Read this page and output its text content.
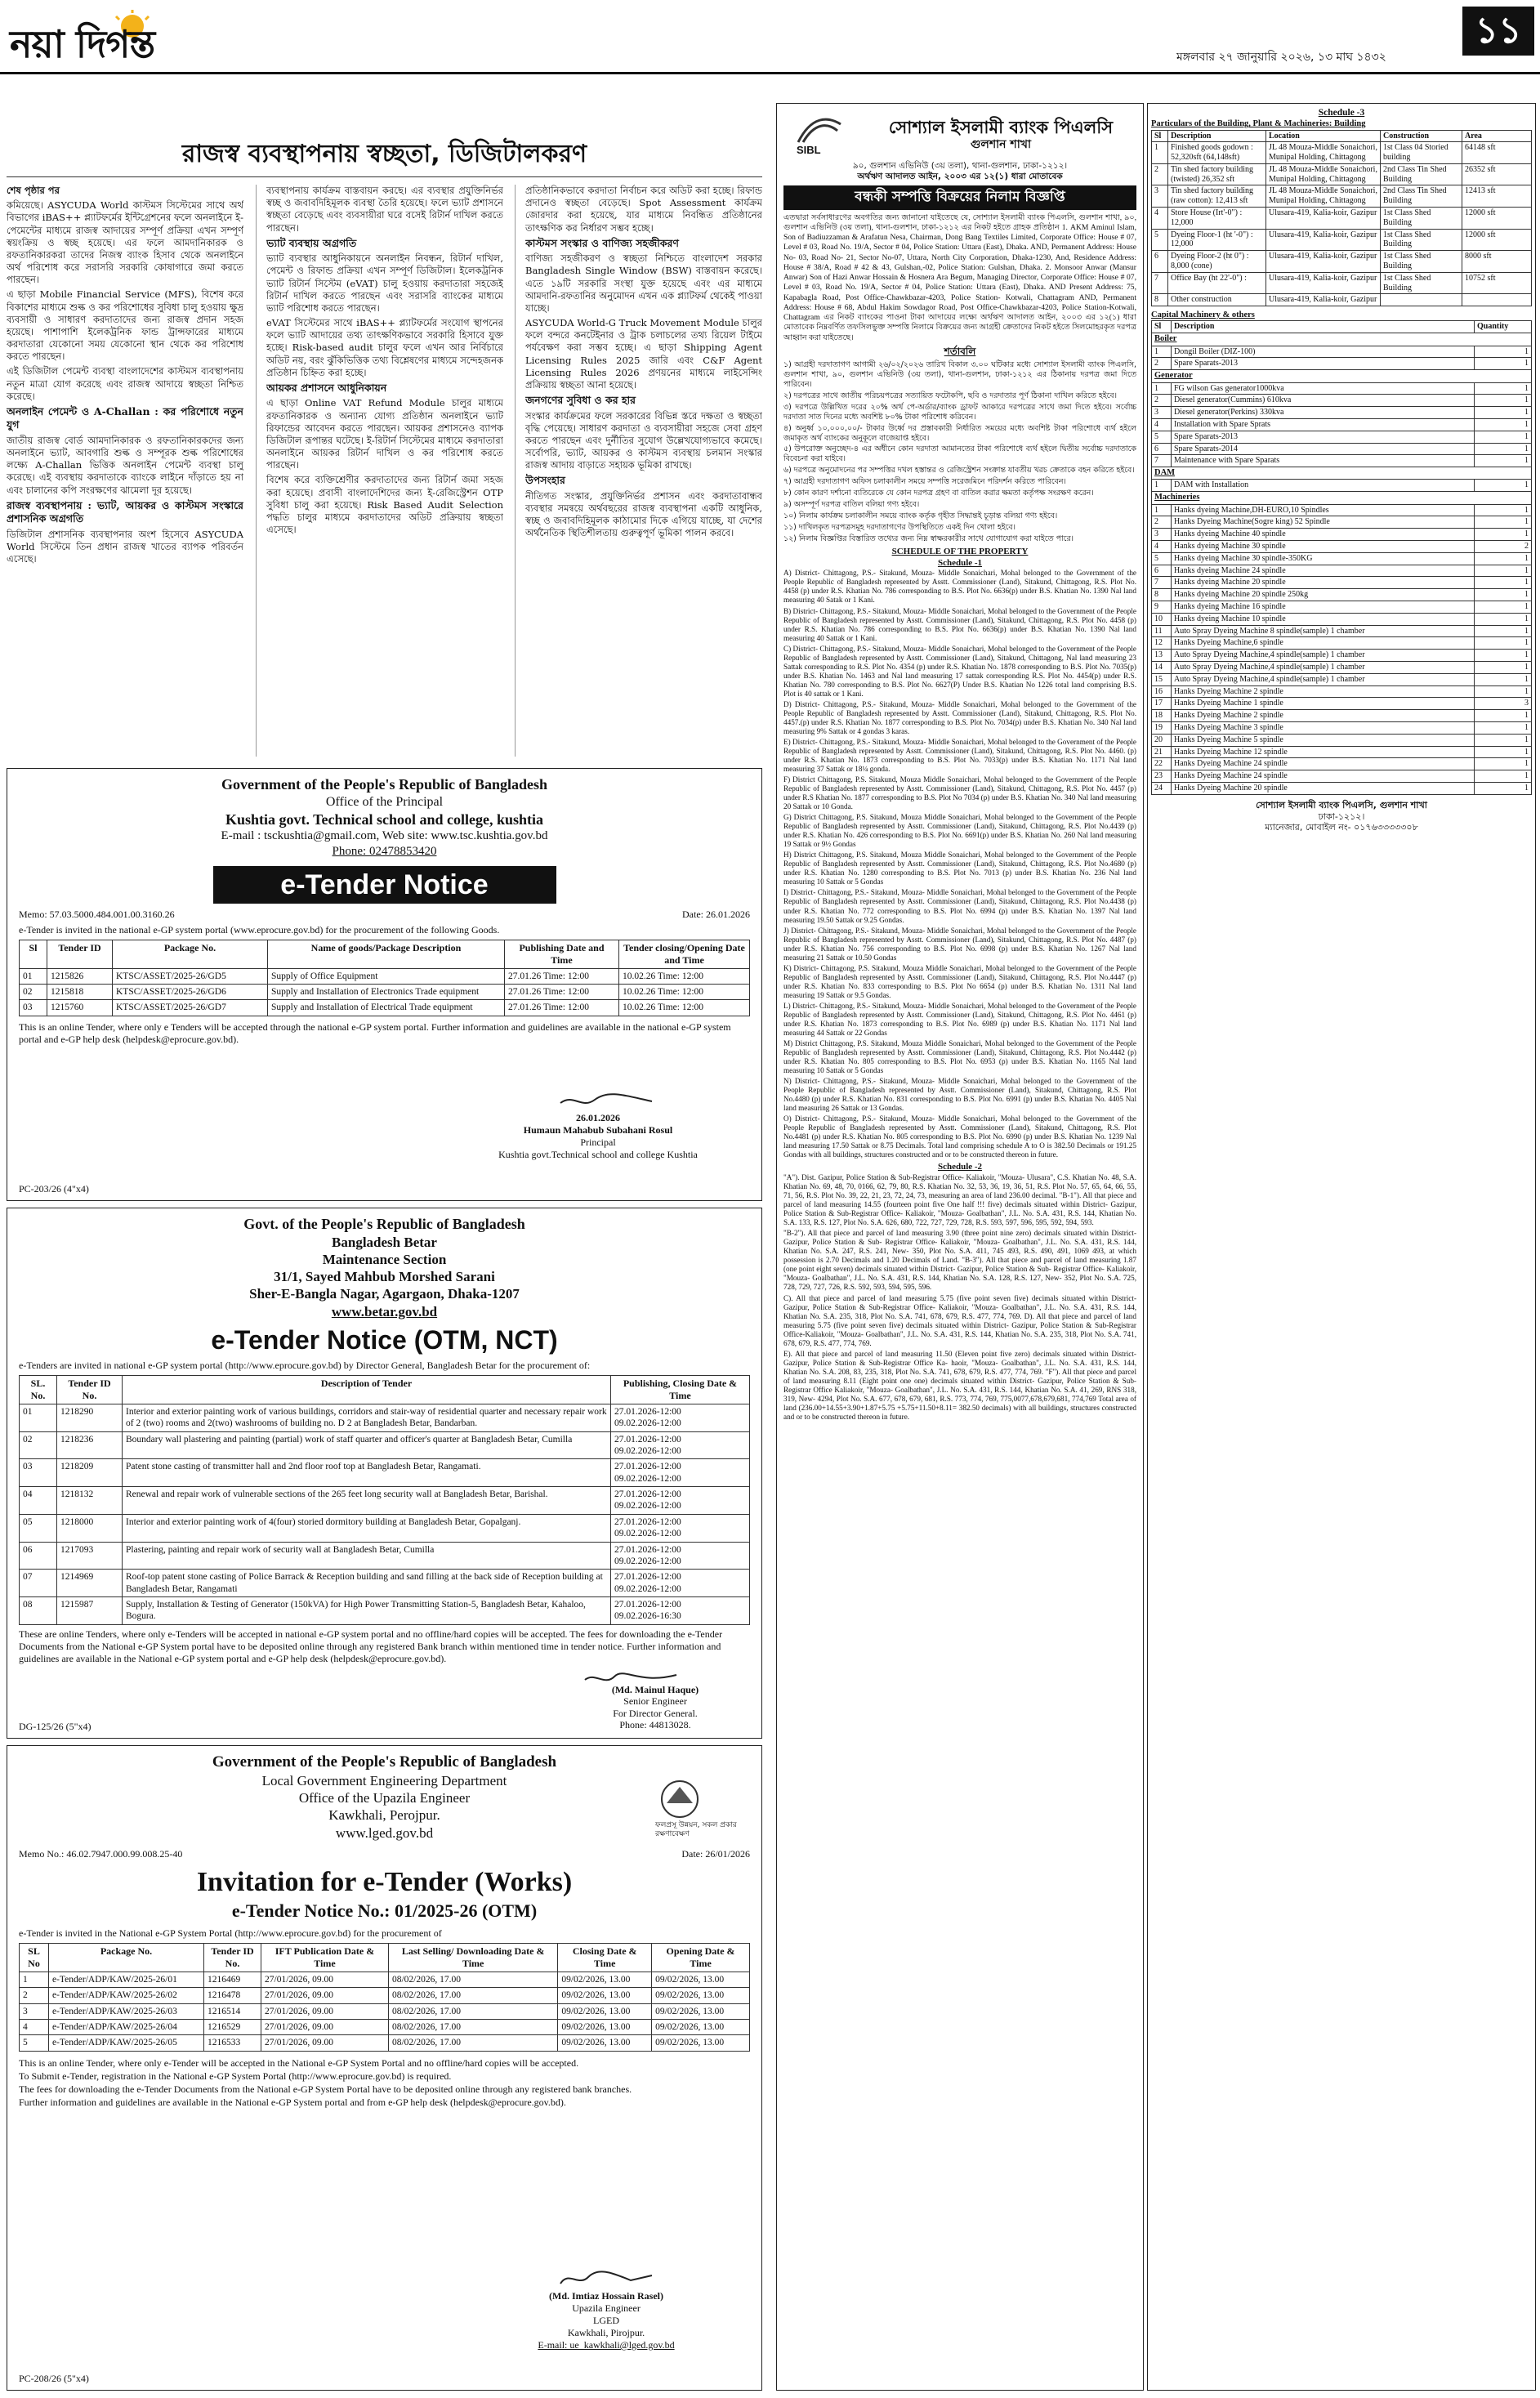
নয়া দিগন্ত	মঙ্গলবার ২৭ জানুয়ারি ২০২৬, ১৩ মাঘ ১৪৩২
১১
রাজস্ব ব্যবস্থাপনায় স্বচ্ছতা, ডিজিটালকরণ

শেষ পৃষ্ঠার পর

কমিয়েছে। ASYCUDA World কাস্টমস সিস্টেমের সাথে অর্থ বিভাগের iBAS++ প্ল্যাটফর্মের ইন্টিগ্রেশনের ফলে অনলাইনে ই-পেমেন্টের মাধ্যমে রাজস্ব আদায়ের সম্পূর্ণ প্রক্রিয়া এখন সম্পূর্ণ স্বয়ংক্রিয় ও স্বচ্ছ হয়েছে। এর ফলে আমদানিকারক ও রফতানিকারকরা তাদের নিজস্ব ব্যাংক হিসাব থেকে অনলাইনে অর্থ পরিশোধ করে সরাসরি সরকারি কোষাগারে জমা করতে পারছেন।

এ ছাড়া Mobile Financial Service (MFS), বিশেষ করে বিকাশের মাধ্যমে শুল্ক ও কর পরিশোধের সুবিধা চালু হওয়ায় ক্ষুদ্র ব্যবসায়ী ও সাধারণ করদাতাদের জন্য রাজস্ব প্রদান সহজ হয়েছে। পাশাপাশি ইলেকট্রনিক ফান্ড ট্রান্সফারের মাধ্যমে করদাতারা যেকোনো সময় যেকোনো স্থান থেকে কর পরিশোধ করতে পারছেন।

এই ডিজিটাল পেমেন্ট ব্যবস্থা বাংলাদেশের কাস্টমস ব্যবস্থাপনায় নতুন মাত্রা যোগ করেছে এবং রাজস্ব আদায়ে স্বচ্ছতা নিশ্চিত করেছে।

অনলাইন পেমেন্ট ও A-Challan : কর পরিশোধে নতুন যুগ

জাতীয় রাজস্ব বোর্ড আমদানিকারক ও রফতানিকারকদের জন্য অনলাইনে ভ্যাট, আবগারি শুল্ক ও সম্পূরক শুল্ক পরিশোধের লক্ষ্যে A-Challan ভিত্তিক অনলাইন পেমেন্ট ব্যবস্থা চালু করেছে। এই ব্যবস্থায় করদাতাকে ব্যাংকে লাইনে দাঁড়াতে হয় না এবং চালানের কপি সংরক্ষণের ঝামেলা দূর হয়েছে।

রাজস্ব ব্যবস্থাপনায় : ভ্যাট, আয়কর ও কাস্টমস সংস্কারে প্রশাসনিক অগ্রগতি

ডিজিটাল প্রশাসনিক ব্যবস্থাপনার অংশ হিসেবে ASYCUDA World সিস্টেমে তিন প্রধান রাজস্ব খাতের ব্যাপক পরিবর্তন এসেছে।

ব্যবস্থাপনায় কার্যক্রম বাস্তবায়ন করছে। এর ব্যবস্থার প্রযুক্তিনির্ভর স্বচ্ছ ও জবাবদিহিমূলক ব্যবস্থা তৈরি হয়েছে। ফলে ভ্যাট প্রশাসনে স্বচ্ছতা বেড়েছে এবং ব্যবসায়ীরা ঘরে বসেই রিটার্ন দাখিল করতে পারছেন।

ভ্যাট ব্যবস্থায় অগ্রগতি

ভ্যাট ব্যবস্থার আধুনিকায়নে অনলাইন নিবন্ধন, রিটার্ন দাখিল, পেমেন্ট ও রিফান্ড প্রক্রিয়া এখন সম্পূর্ণ ডিজিটাল। ইলেকট্রনিক ভ্যাট রিটার্ন সিস্টেম (eVAT) চালু হওয়ায় করদাতারা সহজেই রিটার্ন দাখিল করতে পারছেন এবং সরাসরি ব্যাংকের মাধ্যমে ভ্যাট পরিশোধ করতে পারছেন।

eVAT সিস্টেমের সাথে iBAS++ প্ল্যাটফর্মের সংযোগ স্থাপনের ফলে ভ্যাট আদায়ের তথ্য তাৎক্ষণিকভাবে সরকারি হিসাবে যুক্ত হচ্ছে। Risk-based audit চালুর ফলে এখন আর নির্বিচারে অডিট নয়, বরং ঝুঁকিভিত্তিক তথ্য বিশ্লেষণের মাধ্যমে সন্দেহজনক প্রতিষ্ঠান চিহ্নিত করা হচ্ছে।

আয়কর প্রশাসনে আধুনিকায়ন

এ ছাড়া Online VAT Refund Module চালুর মাধ্যমে রফতানিকারক ও অন্যান্য যোগ্য প্রতিষ্ঠান অনলাইনে ভ্যাট রিফান্ডের আবেদন করতে পারছেন। আয়কর প্রশাসনেও ব্যাপক ডিজিটাল রূপান্তর ঘটেছে। ই-রিটার্ন সিস্টেমের মাধ্যমে করদাতারা অনলাইনে আয়কর রিটার্ন দাখিল ও কর পরিশোধ করতে পারছেন।

বিশেষ করে ব্যক্তিশ্রেণীর করদাতাদের জন্য রিটার্ন জমা সহজ করা হয়েছে। প্রবাসী বাংলাদেশিদের জন্য ই-রেজিস্ট্রেশন OTP সুবিধা চালু করা হয়েছে। Risk Based Audit Selection পদ্ধতি চালুর মাধ্যমে করদাতাদের অডিট প্রক্রিয়ায় স্বচ্ছতা এসেছে।

প্রতিষ্ঠানিকভাবে করদাতা নির্বাচন করে অডিট করা হচ্ছে। রিফান্ড প্রদানেও স্বচ্ছতা বেড়েছে। Spot Assessment কার্যক্রম জোরদার করা হয়েছে, যার মাধ্যমে নিবন্ধিত প্রতিষ্ঠানের তাৎক্ষণিক কর নির্ধারণ সম্ভব হচ্ছে।

কাস্টমস সংস্কার ও বাণিজ্য সহজীকরণ

বাণিজ্য সহজীকরণ ও স্বচ্ছতা নিশ্চিতে বাংলাদেশ সরকার Bangladesh Single Window (BSW) বাস্তবায়ন করেছে। এতে ১৯টি সরকারি সংস্থা যুক্ত হয়েছে এবং এর মাধ্যমে আমদানি-রফতানির অনুমোদন এখন এক প্ল্যাটফর্ম থেকেই পাওয়া যাচ্ছে।

ASYCUDA World-G Truck Movement Module চালুর ফলে বন্দরে কনটেইনার ও ট্রাক চলাচলের তথ্য রিয়েল টাইমে পর্যবেক্ষণ করা সম্ভব হচ্ছে। এ ছাড়া Shipping Agent Licensing Rules 2025 জারি এবং C&F Agent Licensing Rules 2026 প্রণয়নের মাধ্যমে লাইসেন্সিং প্রক্রিয়ায় স্বচ্ছতা আনা হয়েছে।

জনগণের সুবিধা ও কর হার

সংস্কার কার্যক্রমের ফলে সরকারের বিভিন্ন স্তরে দক্ষতা ও স্বচ্ছতা বৃদ্ধি পেয়েছে। সাধারণ করদাতা ও ব্যবসায়ীরা সহজে সেবা গ্রহণ করতে পারছেন এবং দুর্নীতির সুযোগ উল্লেখযোগ্যভাবে কমেছে। সর্বোপরি, ভ্যাট, আয়কর ও কাস্টমস ব্যবস্থায় চলমান সংস্কার রাজস্ব আদায় বাড়াতে সহায়ক ভূমিকা রাখছে।

উপসংহার

নীতিগত সংস্কার, প্রযুক্তিনির্ভর প্রশাসন এবং করদাতাবান্ধব ব্যবস্থার সমন্বয়ে অর্থবছরের রাজস্ব ব্যবস্থাপনা একটি আধুনিক, স্বচ্ছ ও জবাবদিহিমূলক কাঠামোর দিকে এগিয়ে যাচ্ছে, যা দেশের অর্থনৈতিক স্থিতিশীলতায় গুরুত্বপূর্ণ ভূমিকা পালন করবে।

Government of the People's Republic of Bangladesh
Office of the Principal
Kushtia govt. Technical school and college, kushtia
E-mail : tsckushtia@gmail.com, Web site: www.tsc.kushtia.gov.bd
Phone: 02478853420
e-Tender Notice
Memo: 57.03.5000.484.001.00.3160.26	Date: 26.01.2026
e-Tender is invited in the national e-GP system portal (www.eprocure.gov.bd) for the procurement of the following Goods.
Sl	Tender ID	Package No.	Name of goods/Package Description	Publishing Date and Time	Tender closing/Opening Date and Time
01	1215826	KTSC/ASSET/2025-26/GD5	Supply of Office Equipment	27.01.26 Time: 12:00	10.02.26 Time: 12:00
02	1215818	KTSC/ASSET/2025-26/GD6	Supply and Installation of Electronics Trade equipment	27.01.26 Time: 12:00	10.02.26 Time: 12:00
03	1215760	KTSC/ASSET/2025-26/GD7	Supply and Installation of Electrical Trade equipment	27.01.26 Time: 12:00	10.02.26 Time: 12:00
This is an online Tender, where only e Tenders will be accepted through the national e-GP system portal. Further information and guidelines are available in the national e-GP system portal and e-GP help desk (helpdesk@eprocure.gov.bd).
26.01.2026
Humaun Mahabub Subahani Rosul
Principal
Kushtia govt.Technical school and college Kushtia
PC-203/26 (4"x4)
Govt. of the People's Republic of Bangladesh
Bangladesh Betar
Maintenance Section
31/1, Sayed Mahbub Morshed Sarani
Sher-E-Bangla Nagar, Agargaon, Dhaka-1207
www.betar.gov.bd
e-Tender Notice (OTM, NCT)
e-Tenders are invited in national e-GP system portal (http://www.eprocure.gov.bd) by Director General, Bangladesh Betar for the procurement of:
SL. No.	Tender ID No.	Description of Tender	Publishing, Closing Date & Time
01	1218290	Interior and exterior painting work of various buildings, corridors and stair-way of residential quarter and necessary repair work of 2 (two) rooms and 2(two) washrooms of building no. D 2 at Bangladesh Betar, Bandarban.	27.01.2026-12:00
09.02.2026-12:00
02	1218236	Boundary wall plastering and painting (partial) work of staff quarter and officer's quarter at Bangladesh Betar, Cumilla	27.01.2026-12:00
09.02.2026-12:00
03	1218209	Patent stone casting of transmitter hall and 2nd floor roof top at Bangladesh Betar, Rangamati.	27.01.2026-12:00
09.02.2026-12:00
04	1218132	Renewal and repair work of vulnerable sections of the 265 feet long security wall at Bangladesh Betar, Barishal.	27.01.2026-12:00
09.02.2026-12:00
05	1218000	Interior and exterior painting work of 4(four) storied dormitory building at Bangladesh Betar, Gopalganj.	27.01.2026-12:00
09.02.2026-12:00
06	1217093	Plastering, painting and repair work of security wall at Bangladesh Betar, Cumilla	27.01.2026-12:00
09.02.2026-12:00
07	1214969	Roof-top patent stone casting of Police Barrack & Reception building and sand filling at the back side of Reception building at Bangladesh Betar, Rangamati	27.01.2026-12:00
09.02.2026-12:00
08	1215987	Supply, Installation & Testing of Generator (150kVA) for High Power Transmitting Station-5, Bangladesh Betar, Kahaloo, Bogura.	27.01.2026-12:00
09.02.2026-16:30
These are online Tenders, where only e-Tenders will be accepted in national e-GP system portal and no offline/hard copies will be accepted. The fees for downloading the e-Tender Documents from the National e-GP System portal have to be deposited online through any registered Bank branch within mentioned time in tender notice. Further information and guidelines are available in the National e-GP system portal and e-GP help desk (helpdesk@eprocure.gov.bd).
(Md. Mainul Haque)
Senior Engineer
For Director General.
Phone: 44813028.
DG-125/26 (5"x4)
Government of the People's Republic of Bangladesh
Local Government Engineering Department
Office of the Upazila Engineer
Kawkhali, Perojpur.
www.lged.gov.bd	ফলপ্রসূ উন্নয়ন, সকল প্রকার রক্ষণাবেক্ষণ
Memo No.: 46.02.7947.000.99.008.25-40	Date: 26/01/2026
Invitation for e-Tender (Works)
e-Tender Notice No.: 01/2025-26 (OTM)
e-Tender is invited in the National e-GP System Portal (http://www.eprocure.gov.bd) for the procurement of
SL No	Package No.	Tender ID No.	IFT Publication Date & Time	Last Selling/ Downloading Date & Time	Closing Date & Time	Opening Date & Time
1	e-Tender/ADP/KAW/2025-26/01	1216469	27/01/2026, 09.00	08/02/2026, 17.00	09/02/2026, 13.00	09/02/2026, 13.00
2	e-Tender/ADP/KAW/2025-26/02	1216478	27/01/2026, 09.00	08/02/2026, 17.00	09/02/2026, 13.00	09/02/2026, 13.00
3	e-Tender/ADP/KAW/2025-26/03	1216514	27/01/2026, 09.00	08/02/2026, 17.00	09/02/2026, 13.00	09/02/2026, 13.00
4	e-Tender/ADP/KAW/2025-26/04	1216529	27/01/2026, 09.00	08/02/2026, 17.00	09/02/2026, 13.00	09/02/2026, 13.00
5	e-Tender/ADP/KAW/2025-26/05	1216533	27/01/2026, 09.00	08/02/2026, 17.00	09/02/2026, 13.00	09/02/2026, 13.00
This is an online Tender, where only e-Tender will be accepted in the National e-GP System Portal and no offline/hard copies will be accepted.
To Submit e-Tender, registration in the National e-GP System Portal (http://www.eprocure.gov.bd) is required.
The fees for downloading the e-Tender Documents from the National e-GP System Portal have to be deposited online through any registered bank branches.
Further information and guidelines are available in the National e-GP System portal and from e-GP help desk (helpdesk@eprocure.gov.bd).
(Md. Imtiaz Hossain Rasel)
Upazila Engineer
LGED
Kawkhali, Pirojpur.
E-mail: ue_kawkhali@lged.gov.bd
PC-208/26 (5"x4)
SIBL
সোশ্যাল ইসলামী ব্যাংক পিএলসি
গুলশান শাখা
৯০, গুলশান এভিনিউ (৩য় তলা), থানা-গুলশান, ঢাকা-১২১২।
অর্থঋণ আদালত আইন, ২০০৩ এর ১২(১) ধারা মোতাবেক
বন্ধকী সম্পত্তি বিক্রয়ের নিলাম বিজ্ঞপ্তি
এতদ্বারা সর্বসাধারণের অবগতির জন্য জানানো যাইতেছে যে, সোশ্যাল ইসলামী ব্যাংক পিএলসি, গুলশান শাখা, ৯০, গুলশান এভিনিউ (৩য় তলা), থানা-গুলশান, ঢাকা-১২১২ এর নিকট হইতে গ্রাহক প্রতিষ্ঠান 1. AKM Aminul Islam, Son of Badiuzzaman & Arafatun Nesa, Chairman, Dong Bang Textiles Limited, Corporate Office: House # 07, Level # 03, Road No. 19/A, Sector # 04, Police Station: Uttara (East), Dhaka. AND, Permanent Address: House No- 03, Road No- 21, Sector No-07, Uttara, North City Corporation, Dhaka-1230, And, Residence Address: House # 38/A, Road # 42 & 43, Gulshan,-02, Police Station: Gulshan, Dhaka. 2. Monsoor Anwar (Mansur Anwar) Son of Hazi Anwar Hossain & Hosnera Ara Begum, Managing Director, Corporate Office: House # 07, Level # 03, Road No. 19/A, Sector # 04, Police Station: Uttara (East), Dhaka. AND Present Address: 75, Kapabagla Road, Post Office-Chawkbazar-4203, Police Station- Kotwali, Chattagram AND, Permanent Address: House # 68, Abdul Hakim Sowdagor Road, Post Office-Chawkbazar-4203, Police Station-Kotwali, Chattagram এর নিকট ব্যাংকের পাওনা টাকা আদায়ের লক্ষ্যে অর্থঋণ আদালত আইন, ২০০৩ এর ১২(১) ধারা মোতাবেক নিম্নবর্ণিত তফসিলভুক্ত সম্পত্তি নিলামে বিক্রয়ের জন্য আগ্রহী ক্রেতাদের নিকট হইতে সিলমোহরকৃত দরপত্র আহ্বান করা যাইতেছে।
শর্তাবলি

১) আগ্রহী দরদাতাগণ আগামী ২৬/০২/২০২৬ তারিখ বিকাল ৩.০০ ঘটিকার মধ্যে সোশ্যাল ইসলামী ব্যাংক পিএলসি, গুলশান শাখা, ৯০, গুলশান এভিনিউ (৩য় তলা), থানা-গুলশান, ঢাকা-১২১২ এর ঠিকানায় দরপত্র জমা দিতে পারিবেন।

২) দরপত্রের সাথে জাতীয় পরিচয়পত্রের সত্যায়িত ফটোকপি, ছবি ও দরদাতার পূর্ণ ঠিকানা দাখিল করিতে হইবে।

৩) দরপত্রে উল্লিখিত দরের ২০% অর্থ পে-অর্ডার/ব্যাংক ড্রাফট আকারে দরপত্রের সাথে জমা দিতে হইবে। সর্বোচ্চ দরদাতা সাত দিনের মধ্যে অবশিষ্ট ৮০% টাকা পরিশোধ করিবেন।

৪) অনুর্ধ্ব ১০,০০০,০০/- টাকার উর্ধ্বে দর প্রস্তাবকারী নির্ধারিত সময়ের মধ্যে অবশিষ্ট টাকা পরিশোধে ব্যর্থ হইলে জমাকৃত অর্থ ব্যাংকের অনুকূলে বাজেয়াপ্ত হইবে।

৫) উপরোক্ত অনুচ্ছেদ-৪ এর অধীনে কোন দরদাতা আমানতের টাকা পরিশোধে ব্যর্থ হইলে দ্বিতীয় সর্বোচ্চ দরদাতাকে বিবেচনা করা যাইবে।

৬) দরপত্রে অনুমোদনের পর সম্পত্তির দখল হস্তান্তর ও রেজিস্ট্রেশন সংক্রান্ত যাবতীয় খরচ ক্রেতাকে বহন করিতে হইবে।

৭) আগ্রহী দরদাতাগণ অফিস চলাকালীন সময়ে সম্পত্তি সরেজমিনে পরিদর্শন করিতে পারিবেন।

৮) কোন কারণ দর্শানো ব্যতিরেকে যে কোন দরপত্র গ্রহণ বা বাতিল করার ক্ষমতা কর্তৃপক্ষ সংরক্ষণ করেন।

৯) অসম্পূর্ণ দরপত্র বাতিল বলিয়া গণ্য হইবে।

১০) নিলাম কার্যক্রম চলাকালীন সময়ে ব্যাংক কর্তৃক গৃহীত সিদ্ধান্তই চূড়ান্ত বলিয়া গণ্য হইবে।

১১) দাখিলকৃত দরপত্রসমূহ দরদাতাগণের উপস্থিতিতে একই দিন খোলা হইবে।

১২) নিলাম বিজ্ঞপ্তির বিস্তারিত তথ্যের জন্য নিম্ন স্বাক্ষরকারীর সাথে যোগাযোগ করা যাইতে পারে।

SCHEDULE OF THE PROPERTY
Schedule -1

A) District- Chittagong, P.S.- Sitakund, Mouza- Middle Sonaichari, Mohal belonged to the Government of the People Republic of Bangladesh represented by Asstt. Commissioner (Land), Sitakund, Chittagong, R.S. Plot No. 4458 (p) under R.S. Khatian No. 786 corresponding to B.S. Plot No. 6636(p) under B.S. Khatian No. 1390 Nal land measuring 40 Satak or 1 Kani.

B) District- Chittagong, P.S.- Sitakund, Mouza- Middle Sonaichari, Mohal belonged to the Government of the People Republic of Bangladesh represented by Asstt. Commissioner (Land), Sitakund, Chittagong, R.S. Plot No. 4458 (p) under R.S. Khatian No. 786 corresponding to B.S. Plot No. 6636(p) under B.S. Khatian No. 1390 Nal land measuring 40 Sattak or 1 Kani.

C) District- Chittagong, P.S.- Sitakund, Mouza- Middle Sonaichari, Mohal belonged to the Government of the People Republic of Bangladesh represented by Asstt. Commissioner (Land), Sitakund, Chittagong, Nal land measuring 23 Sattak corresponding to R.S. Plot No. 4354 (p) under R.S. Khatian No. 1878 corresponding to B.S. Plot No. 7035(p) under B.S. Khatian No. 1463 and Nal land measuring 17 sattak corresponding R.S. Plot No. 4454(p) under R.S. Khatian No. 780 corresponding to B.S. Plot No. 6627(P) Under B.S. Khatian No 1226 total land comprising B.S. Plot is 40 sattak or 1 Kani.

D) District- Chittagong, P.S.- Sitakund, Mouza- Middle Sonaichari, Mohal belonged to the Government of the People Republic of Bangladesh represented by Asstt. Commissioner (Land), Sitakund, Chittagong, R.S. Plot No. 4457.(p) under R.S. Khatian No. 1877 corresponding to B.S. Plot No. 7034(p) under B.S. Khatian No. 340 Nal land measuring 9% Sattak or 4 gondas 3 karas.

E) District- Chittagong, P.S.- Sitakund, Mouza- Middle Sonaichari, Mohal belonged to the Government of the People Republic of Bangladesh represented by Asstt. Commissioner (Land), Sitakund, Chittagong, R.S. Plot No. 4460. (p) under R.S. Khatian No. 1873 corresponding to B.S. Plot No. 7033(p) under B.S. Khatian No. 1171 Nal land measuring 37 Sattak or 18¼ gonda.

F) District Chittagong, P.S. Sitakund, Mouza Middle Sonaichari, Mohal belonged to the Government of the People Republic of Bangladesh represented by Asstt. Commissioner (Land), Sitakund, Chittagong, R.S. Plot No. 4457 (p) under R.S Khatian No. 1877 corresponding to B.S. Plot No 7034 (p) under B.S. Khatian No. 340 Nal land measuring 20 Sattak or 10 Gonda.

G) District Chittagong, P.S. Sitakund, Mouza Middle Sonaichari, Mohal belonged to the Government of the People Republic of Bangladesh represented by Asstt. Commissioner (Land), Sitakund, Chittagong, R.S. Plot No.4439 (p) under R.S. Khatian No. 426 corresponding to B.S. Plot No. 6691(p) under B.S. Khatian No. 260 Nal land measuring 19 Sattak or 9½ Gondas

H) District Chittagong, P.S. Sitakund, Mouza Middle Sonaichari, Mohal belonged to the Government of the People Republic of Bangladesh represented by Asstt. Commissioner (Land), Sitakund, Chittagong, R.S. Plot No.4680 (p) under R.S. Khatian No. 1280 corresponding to B.S. Plot No. 7013 (p) under B.S. Khatian No. 236 Nal land measuring 10 Sattak or 5 Gondas

I) District- Chittagong, P.S.- Sitakund, Mouza- Middle Sonaichari, Mohal belonged to the Government of the People Republic of Bangladesh represented by Asstt. Commissioner (Land), Sitakund, Chittagong, R.S. Plot No.4438 (p) under R.S. Khatian No. 772 corresponding to B.S. Plot No. 6994 (p) under B.S. Khatian No. 1397 Nal land measuring 19.50 Sattak or 9.25 Gondas.

J) District- Chittagong, P.S.- Sitakund, Mouza- Middle Sonaichari, Mohal belonged to the Government of the People Republic of Bangladesh represented by Asstt. Commissioner (Land), Sitakund, Chittagong, R.S. Plot No. 4487 (p) under R.S. Khatian No. 756 corresponding to B.S. Plot No. 6998 (p) under B.S. Khatian No. 1267 Nal land measuring 21 Sattak or 10.50 Gondas

K) District- Chittagong, P.S. Sitakund, Mouza Middle Sonaichari, Mohal belonged to the Government of the People Republic of Bangladesh represented by Asstt. Commissioner (Land), Sitakund, Chittagong, R.S. Plot No.4447 (p) under R.S. Khatian No. 833 corresponding to B.S. Plot No 6654 (p) under B.S. Khatian No. 1311 Nal land measuring 19 Sattak or 9.5 Gondas.

L) District- Chittagong, P.S.- Sitakund, Mouza- Middle Sonaichari, Mohal belonged to the Government of the People Republic of Bangladesh represented by Asstt. Commissioner (Land), Sitakund, Chittagong, R.S. Plot No. 4461 (p) under R.S. Khatian No. 1873 corresponding to B.S. Plot No. 6989 (p) under B.S. Khatian No. 1171 Nal land measuring 44 Sattak or 22 Gondas

M) District Chittagong, P.S. Sitakund, Mouza Middle Sonaichari, Mohal belonged to the Government of the People Republic of Bangladesh represented by Asstt. Commissioner (Land), Sitakund, Chittagong, R.S. Plot No.4442 (p) under R.S. Khatian No. 805 corresponding to B.S. Plot No. 6953 (p) under B.S. Khatian No. 1165 Nal land measuring 10 Sattak or 5 Gondas

N) District- Chittagong, P.S.- Sitakund, Mouza- Middle Sonaichari, Mohal belonged to the Government of the People Republic of Bangladesh represented by Asstt. Commissioner (Land), Sitakund, Chittagong, R.S. Plot No.4480 (p) under R.S. Khatian No. 831 corresponding to B.S. Plot No. 6991 (p) under B.S. Khatian No. 4405 Nal land measuring 26 Sattak or 13 Gondas.

O) District- Chittagong, P.S.- Sitakund, Mouza- Middle Sonaichari, Mohal belonged to the Government of the People Republic of Bangladesh represented by Asstt. Commissioner (Land), Sitakund, Chittagong, R.S. Plot No.4481 (p) under R.S. Khatian No. 805 corresponding to B.S. Plot No. 6990 (p) under B.S. Khatian No. 1239 Nal land measuring 17.50 Sattak or 8.75 Decimals. Total land comprising schedule A to O is 382.50 Decimals or 191.25 Gondas with all buildings, structures constructed and or to be constructed thereon in future.

Schedule -2

"A"). Dist. Gazipur, Police Station & Sub-Registrar Office- Kaliakoir, "Mouza- Ulusara", C.S. Khatian No. 48, S.A. Khatian No. 69, 48, 70, 0166, 62, 79, 80, R.S. Khatian No. 32, 53, 36, 19, 36, 51, R.S. Plot No. 57, 65, 64, 66, 55, 71, 56, R.S. Plot No. 39, 22, 21, 23, 72, 24, 73, measuring an area of land 236.00 decimal. "B-1"). All that piece and parcel of land measuring 14.55 (fourteen point five One half !!! five) decimals situated within District- Gazipur, Police Station & Sub-Registrar Office- Kaliakoir, "Mouza- Goalbathan", J.L. No. S.A. 431, R.S. 144, Khatian No. S.A. 133, R.S. 127, Plot No. S.A. 626, 680, 722, 727, 729, 728, R.S. 593, 597, 596, 595, 592, 594, 593.

"B-2"). All that piece and parcel of land measuring 3.90 (three point nine zero) decimals situated within District- Gazipur, Police Station & Sub- Registrar Office- Kaliakoir, "Mouza- Goalbathan", J.L. No. S.A. 431, R.S. 144, Khatian No. S.A. 247, R.S. 241, New- 350, Plot No. S.A. 411, 745 493, R.S. 490, 491, 1069 493, at which possession is 2.70 Decimals and 1.20 Decimals of Land. "B-3"). All that piece and parcel of land measuring 1.87 (one point eight seven) decimals situated within District- Gazipur, Police Station & Sub- Registrar Office- Kaliakoir, "Mouza- Goalbathan", J.L. No. S.A. 431, R.S. 144, Khatian No. S.A. 128, R.S. 127, New- 352, Plot No. S.A. 725, 728, 729, 727, 726, R.S. 592, 593, 594, 595, 596.

C). All that piece and parcel of land measuring 5.75 (five point seven five) decimals situated within District- Gazipur, Police Station & Sub-Registrar Office- Kaliakoir, "Mouza- Goalbathan", J.L. No. S.A. 431, R.S. 144, Khatian No. S.A. 235, 318, Plot No. S.A. 741, 678, 679, R.S. 477, 774, 769. D). All that piece and parcel of land measuring 5.75 (five point seven five) decimals situated within District- Gazipur, Police Station & Sub-Registrar Office-Kaliakoir, "Mouza- Goalbathan", J.L. No. S.A. 431, R.S. 144, Khatian No. S.A. 235, 318, Plot No. S.A. 741, 678, 679, R.S. 477, 774, 769.

E). All that piece and parcel of land measuring 11.50 (Eleven point five zero) decimals situated within District- Gazipur, Police Station & Sub-Registrar Office Ka- haoir, "Mouza- Goalbathan", J.L. No. S.A. 431, R.S. 144, Khatian No. S.A. 208, 83, 235, 318, Plot No. S.A. 741, 678, 679, R.S. 477, 774, 769. "F"). All that piece and parcel of land measuring 8.11 (Eight point one one) decimals situated within District- Gazipur, Police Station & Sub-Registrar Office Kaliakoir, "Mouza- Goalbathan", J.L. No. S.A. 431, R.S. 144, Khatian No. S.A. 41, 269, RNS 318, 319, New- 4294, Plot No. S.A. 677, 678, 679, 681, R.S. 773, 774, 769, 775,0077,678,679,681, 774,769 Total area of land (236.00+14.55+3.90+1.87+5.75 +5.75+11.50+8.11= 382.50 decimals) with all buildings, structures constructed and or to be constructed thereon in future.

Schedule -3
Particulars of the Building, Plant & Machineries: Building
Sl	Description	Location	Construction	Area
1	Finished goods godown : 52,320sft (64,148sft)	JL 48 Mouza-Middle Sonaichori, Munipal Holding, Chittagong	1st Class 04 Storied building	64148 sft
2	Tin shed factory building (twisted) 26,352 sft	JL 48 Mouza-Middle Sonaichori, Munipal Holding, Chittagong	2nd Class Tin Shed Building	26352 sft
3	Tin shed factory building (raw cotton): 12,413 sft	JL 48 Mouza-Middle Sonaichori, Munipal Holding, Chittagong	2nd Class Tin Shed Building	12413 sft
4	Store House (Irt'-0") : 12,000	Ulusara-419, Kalia-koir, Gazipur	1st Class Shed Building	12000 sft
5	Dyeing Floor-1 (ht '-0") : 12,000	Ulusara-419, Kalia-koir, Gazipur	1st Class Shed Building	12000 sft
6	Dyeing Floor-2 (ht 0") : 8,000 (cone)	Ulusara-419, Kalia-koir, Gazipur	1st Class Shed Building	8000 sft
7	Office Bay (ht 22'-0") :	Ulusara-419, Kalia-koir, Gazipur	1st Class Shed Building	10752 sft
8	Other construction	Ulusara-419, Kalia-koir, Gazipur		
Capital Machinery & others
Sl	Description	Quantity
Boiler		
1	Dongil Boiler (DIZ-100)	1
2	Spare Sparats-2013	1
Generator		
1	FG wilson Gas generator1000kva	1
2	Diesel generator(Cummins) 610kva	1
3	Diesel generator(Perkins) 330kva	1
4	Installation with Spare Sprats	1
5	Spare Sparats-2013	1
6	Spare Sparats-2014	1
7	Maintenance with Spare Sparats	1
DAM		
1	DAM with Installation	1
Machineries		
1	Hanks dyeing Machine,DH-EURO,10 Spindles	1
2	Hanks Dyeing Machine(Sogre king) 52 Spindle	1
3	Hanks dyeing Machine 40 spindle	1
4	Hanks dyeing Machine 30 spindle	2
5	Hanks dyeing Machine 30 spindle-350KG	1
6	Hanks dyeing Machine 24 spindle	1
7	Hanks dyeing Machine 20 spindle	1
8	Hanks dyeing Machine 20 spindle 250kg	1
9	Hanks dyeing Machine 16 spindle	1
10	Hanks dyeing Machine 10 spindle	1
11	Auto Spray Dyeing Machine 8 spindle(sample) 1 chamber	1
12	Hanks Dyeing Machine,6 spindle	1
13	Auto Spray Dyeing Machine,4 spindle(sample) 1 chamber	1
14	Auto Spray Dyeing Machine,4 spindle(sample) 1 chamber	1
15	Auto Spray Dyeing Machine,4 spindle(sample) 1 chamber	1
16	Hanks Dyeing Machine 2 spindle	1
17	Hanks Dyeing Machine 1 spindle	3
18	Hanks Dyeing Machine 2 spindle	1
19	Hanks Dyeing Machine 3 spindle	1
20	Hanks Dyeing Machine 5 spindle	1
21	Hanks Dyeing Machine 12 spindle	1
22	Hanks Dyeing Machine 24 spindle	1
23	Hanks Dyeing Machine 24 spindle	1
24	Hanks Dyeing Machine 20 spindle	1
সোশ্যাল ইসলামী ব্যাংক পিএলসি, গুলশান শাখা
ঢাকা-১২১২।
ম্যানেজার, মোবাইল নং- ০১৭৬৩৩৩৩৩০৮
